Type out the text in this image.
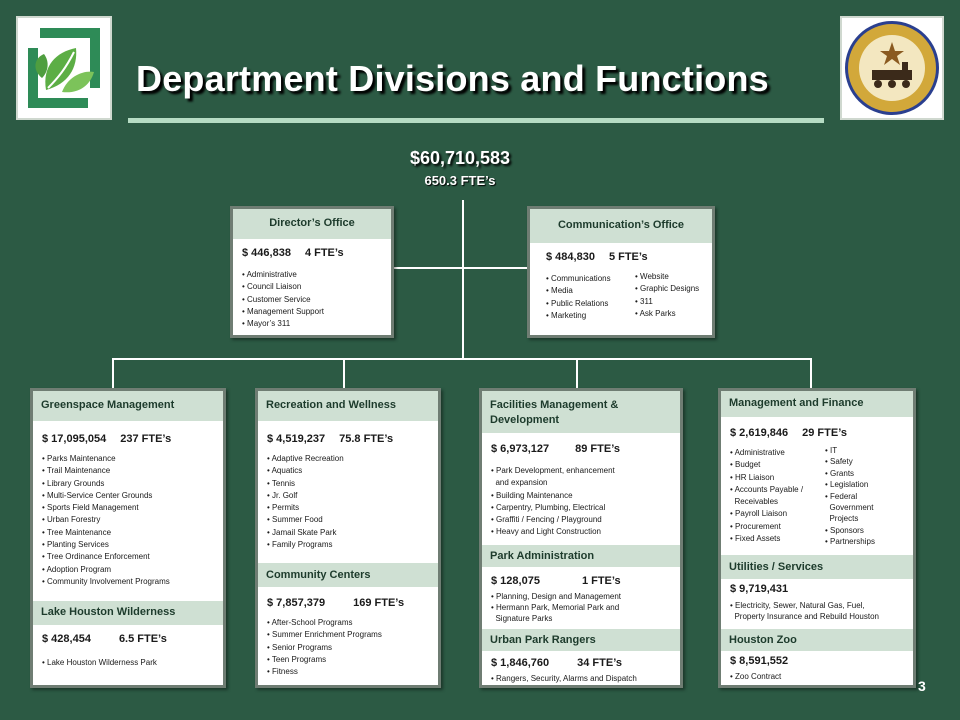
Department Divisions and Functions
$60,710,583
650.3 FTE’s
Director’s Office
$ 446,838 4 FTE’s
• Administrative
• Council Liaison
• Customer Service
• Management Support
• Mayor’s 311
Communication’s Office
$ 484,830 5 FTE’s
• Communications
• Media
• Public Relations
• Marketing
• Website
• Graphic Designs
• 311
• Ask Parks
Greenspace Management
$ 17,095,054 237 FTE’s
• Parks Maintenance
• Trail Maintenance
• Library Grounds
• Multi-Service Center Grounds
• Sports Field Management
• Urban Forestry
• Tree Maintenance
• Planting Services
• Tree Ordinance Enforcement
• Adoption Program
• Community Involvement Programs
Lake Houston Wilderness
$ 428,454	6.5 FTE’s
• Lake Houston Wilderness Park
Recreation and Wellness
$ 4,519,237 75.8 FTE’s
• Adaptive Recreation
• Aquatics
• Tennis
• Jr. Golf
• Permits
• Summer Food
• Jamail Skate Park
• Family Programs
Community Centers
$ 7,857,379	169 FTE’s
• After-School Programs
• Summer Enrichment Programs
• Senior Programs
• Teen Programs
• Fitness
Facilities Management & Development
$ 6,973,127 89 FTE’s
• Park Development, enhancement
and expansion
• Building Maintenance
• Carpentry, Plumbing, Electrical
• Graffiti / Fencing / Playground
• Heavy and Light Construction
Park Administration
$ 128,075	1 FTE’s
• Planning, Design and Management
• Hermann Park, Memorial Park and
Signature Parks
Urban Park Rangers
$ 1,846,760	34 FTE’s
• Rangers, Security, Alarms and Dispatch
Management and Finance
$ 2,619,846 29 FTE’s
• Administrative
• Budget
• HR Liaison
• Accounts Payable /
Receivables
• Payroll Liaison
• Procurement
• Fixed Assets
• IT
• Safety
• Grants
• Legislation
• Federal
Government
Projects
• Sponsors
• Partnerships
Utilities / Services
$ 9,719,431
• Electricity, Sewer, Natural Gas, Fuel,
Property Insurance and Rebuild Houston
Houston Zoo
$ 8,591,552
• Zoo Contract
3
